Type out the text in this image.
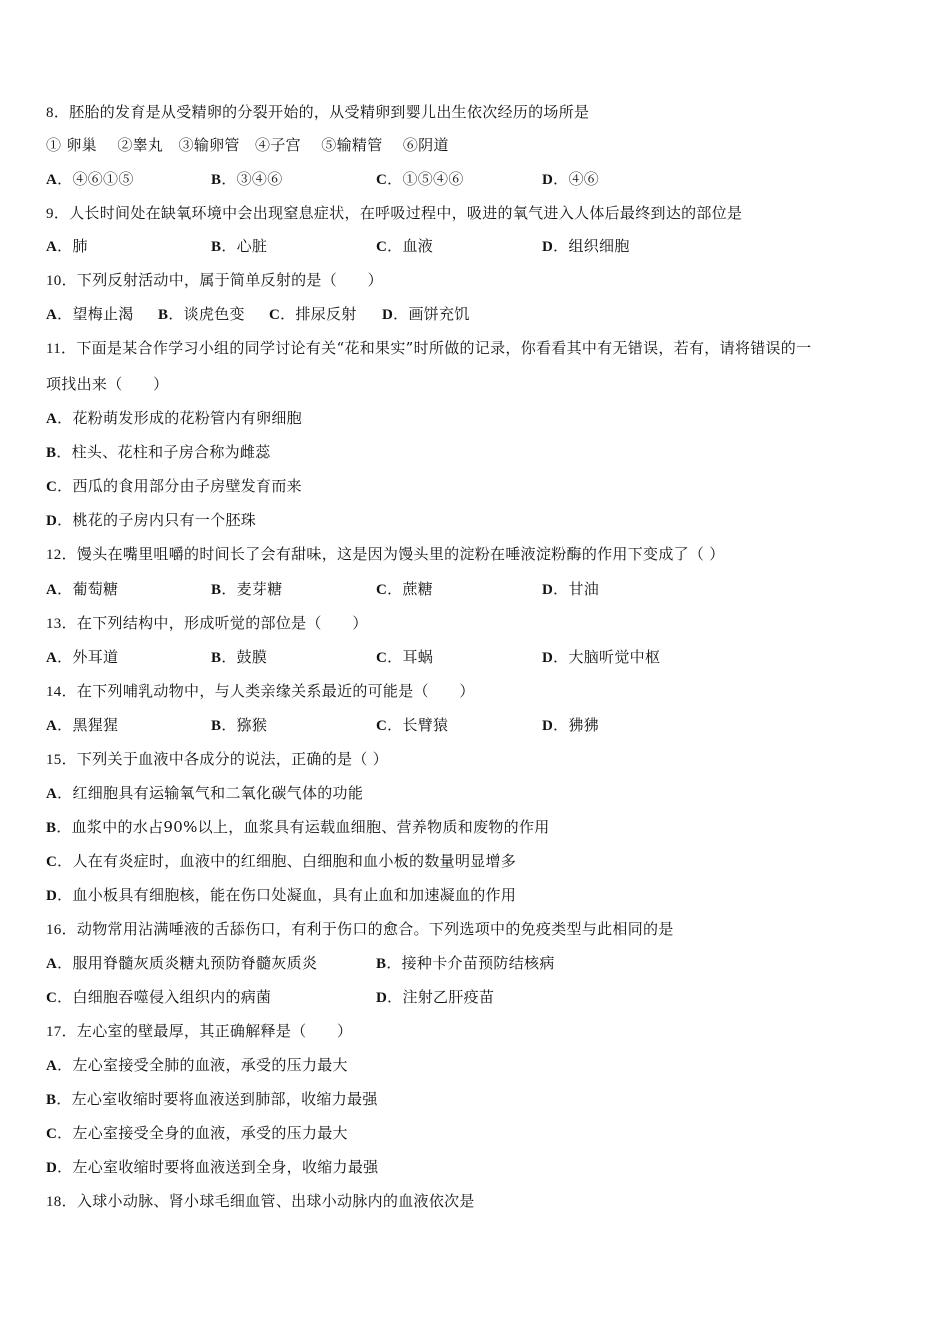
8．胚胎的发育是从受精卵的分裂开始的，从受精卵到婴儿出生依次经历的场所是
① 卵巢　 ②睾丸　③输卵管　④子宫　 ⑤输精管　 ⑥阴道
A．④⑥①⑤	B．③④⑥	C．①⑤④⑥	D．④⑥
9．人长时间处在缺氧环境中会出现窒息症状，在呼吸过程中，吸进的氧气进入人体后最终到达的部位是
A．肺	B．心脏	C．血液	D．组织细胞
10．下列反射活动中，属于简单反射的是（　　）
A．望梅止渴 B．谈虎色变 C．排尿反射 D．画饼充饥
11．下面是某合作学习小组的同学讨论有关“花和果实”时所做的记录，你看看其中有无错误，若有，请将错误的一
项找出来（　　）
A．花粉萌发形成的花粉管内有卵细胞
B．柱头、花柱和子房合称为雌蕊
C．西瓜的食用部分由子房壁发育而来
D．桃花的子房内只有一个胚珠
12．馒头在嘴里咀嚼的时间长了会有甜味，这是因为馒头里的淀粉在唾液淀粉酶的作用下变成了（ ）
A．葡萄糖	B．麦芽糖	C．蔗糖	D．甘油
13．在下列结构中，形成听觉的部位是（　　）
A．外耳道	B．鼓膜	C．耳蜗	D．大脑听觉中枢
14．在下列哺乳动物中，与人类亲缘关系最近的可能是（　　）
A．黑猩猩	B．猕猴	C．长臂猿	D．狒狒
15．下列关于血液中各成分的说法，正确的是（ ）
A．红细胞具有运输氧气和二氧化碳气体的功能
B．血浆中的水占90%以上，血浆具有运载血细胞、营养物质和废物的作用
C．人在有炎症时，血液中的红细胞、白细胞和血小板的数量明显增多
D．血小板具有细胞核，能在伤口处凝血，具有止血和加速凝血的作用
16．动物常用沾满唾液的舌舔伤口，有利于伤口的愈合。下列选项中的免疫类型与此相同的是
A．服用脊髓灰质炎糖丸预防脊髓灰质炎	B．接种卡介苗预防结核病
C．白细胞吞噬侵入组织内的病菌	D．注射乙肝疫苗
17．左心室的壁最厚，其正确解释是（　　）
A．左心室接受全肺的血液，承受的压力最大
B．左心室收缩时要将血液送到肺部，收缩力最强
C．左心室接受全身的血液，承受的压力最大
D．左心室收缩时要将血液送到全身，收缩力最强
18．入球小动脉、肾小球毛细血管、出球小动脉内的血液依次是
